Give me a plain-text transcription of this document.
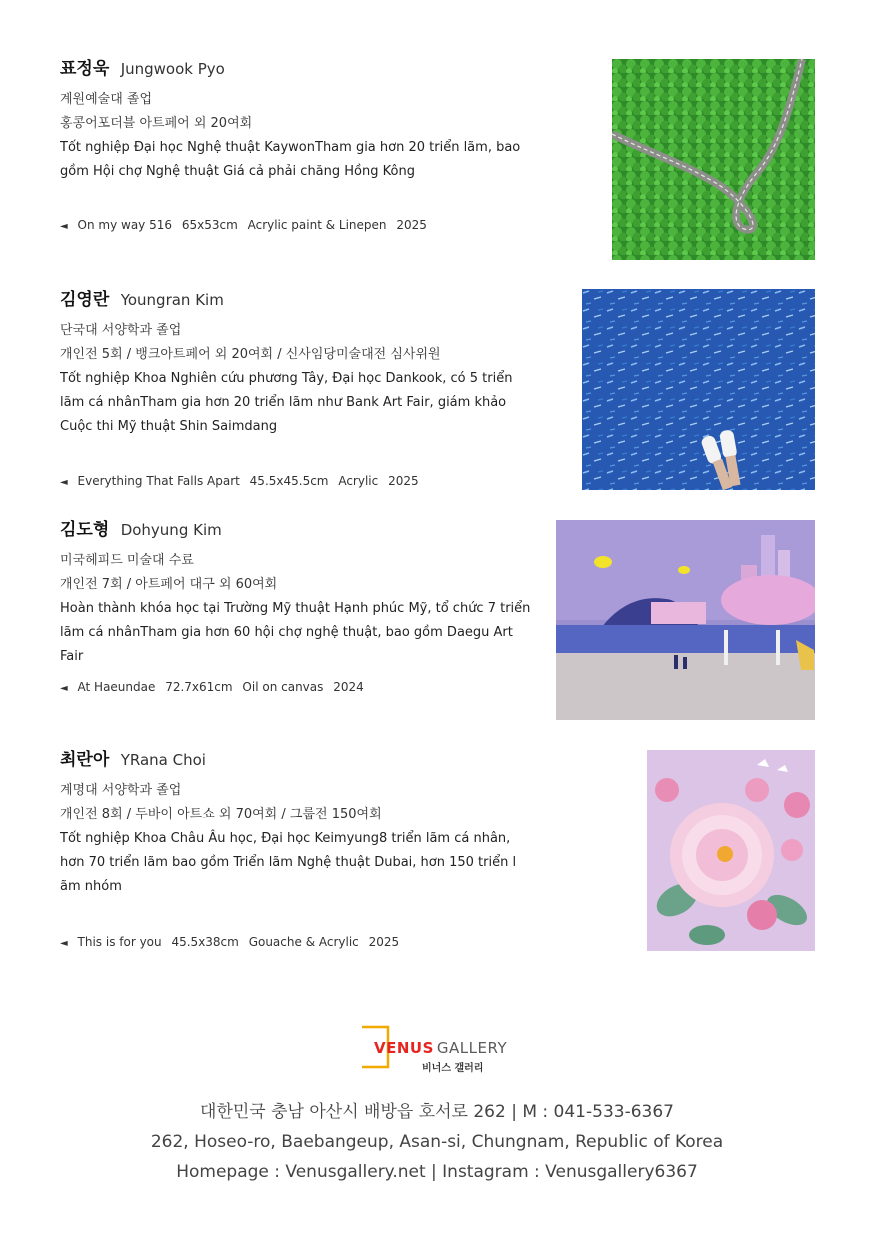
표정욱 Jungwook Pyo
계원예술대 졸업
홍콩어포더블 아트페어 외 20여회
Tốt nghiệp Đại học Nghệ thuật KaywonTham gia hơn 20 triển lãm, bao
gồm Hội chợ Nghệ thuật Giá cả phải chăng Hồng Kông
◄ On my way 516 65x53cm Acrylic paint & Linepen 2025
김영란 Youngran Kim
단국대 서양학과 졸업
개인전 5회 / 뱅크아트페어 외 20여회 / 신사임당미술대전 심사위원
Tốt nghiệp Khoa Nghiên cứu phương Tây, Đại học Dankook, có 5 triển
lãm cá nhânTham gia hơn 20 triển lãm như Bank Art Fair, giám khảo
Cuộc thi Mỹ thuật Shin Saimdang
◄ Everything That Falls Apart 45.5x45.5cm Acrylic 2025
김도형 Dohyung Kim
미국헤피드 미술대 수료
개인전 7회 / 아트페어 대구 외 60여회
Hoàn thành khóa học tại Trường Mỹ thuật Hạnh phúc Mỹ, tổ chức 7 triển
lãm cá nhânTham gia hơn 60 hội chợ nghệ thuật, bao gồm Daegu Art Fair
◄ At Haeundae 72.7x61cm Oil on canvas 2024
최란아 YRana Choi
계명대 서양학과 졸업
개인전 8회 / 두바이 아트쇼 외 70여회 / 그룹전 150여회
Tốt nghiệp Khoa Châu Âu học, Đại học Keimyung8 triển lãm cá nhân,
hơn 70 triển lãm bao gồm Triển lãm Nghệ thuật Dubai, hơn 150 triển l
ãm nhóm
◄ This is for you 45.5x38cm Gouache & Acrylic 2025
VENUS GALLERY
비너스 갤러리
대한민국 충남 아산시 배방읍 호서로 262 | M : 041-533-6367
262, Hoseo-ro, Baebangeup, Asan-si, Chungnam, Republic of Korea
Homepage : Venusgallery.net | Instagram : Venusgallery6367
